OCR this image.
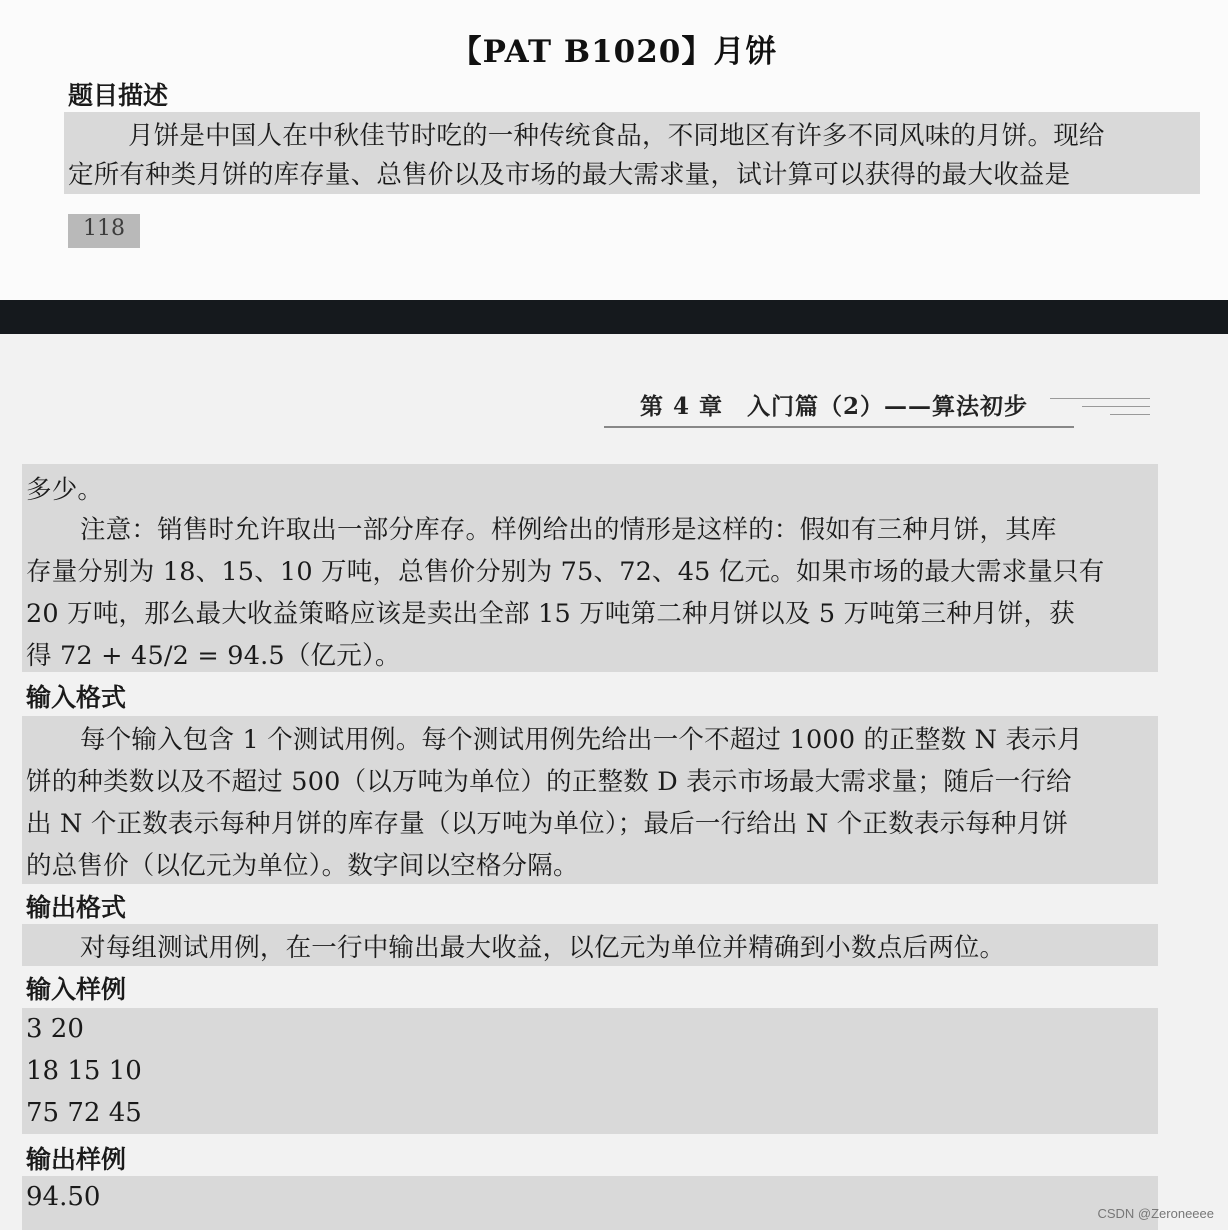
【PAT B1020】月饼
题目描述
月饼是中国人在中秋佳节时吃的一种传统食品，不同地区有许多不同风味的月饼。现给
定所有种类月饼的库存量、总售价以及市场的最大需求量，试计算可以获得的最大收益是
118
第 4 章　入门篇（2）——算法初步
多少。
注意：销售时允许取出一部分库存。样例给出的情形是这样的：假如有三种月饼，其库
存量分别为 18、15、10 万吨，总售价分别为 75、72、45 亿元。如果市场的最大需求量只有
20 万吨，那么最大收益策略应该是卖出全部 15 万吨第二种月饼以及 5 万吨第三种月饼，获
得 72 + 45/2 = 94.5（亿元）。
输入格式
每个输入包含 1 个测试用例。每个测试用例先给出一个不超过 1000 的正整数 N 表示月
饼的种类数以及不超过 500（以万吨为单位）的正整数 D 表示市场最大需求量；随后一行给
出 N 个正数表示每种月饼的库存量（以万吨为单位）；最后一行给出 N 个正数表示每种月饼
的总售价（以亿元为单位）。数字间以空格分隔。
输出格式
对每组测试用例，在一行中输出最大收益，以亿元为单位并精确到小数点后两位。
输入样例
3 20
18 15 10
75 72 45
输出样例
94.50
CSDN @Zeroneeee
